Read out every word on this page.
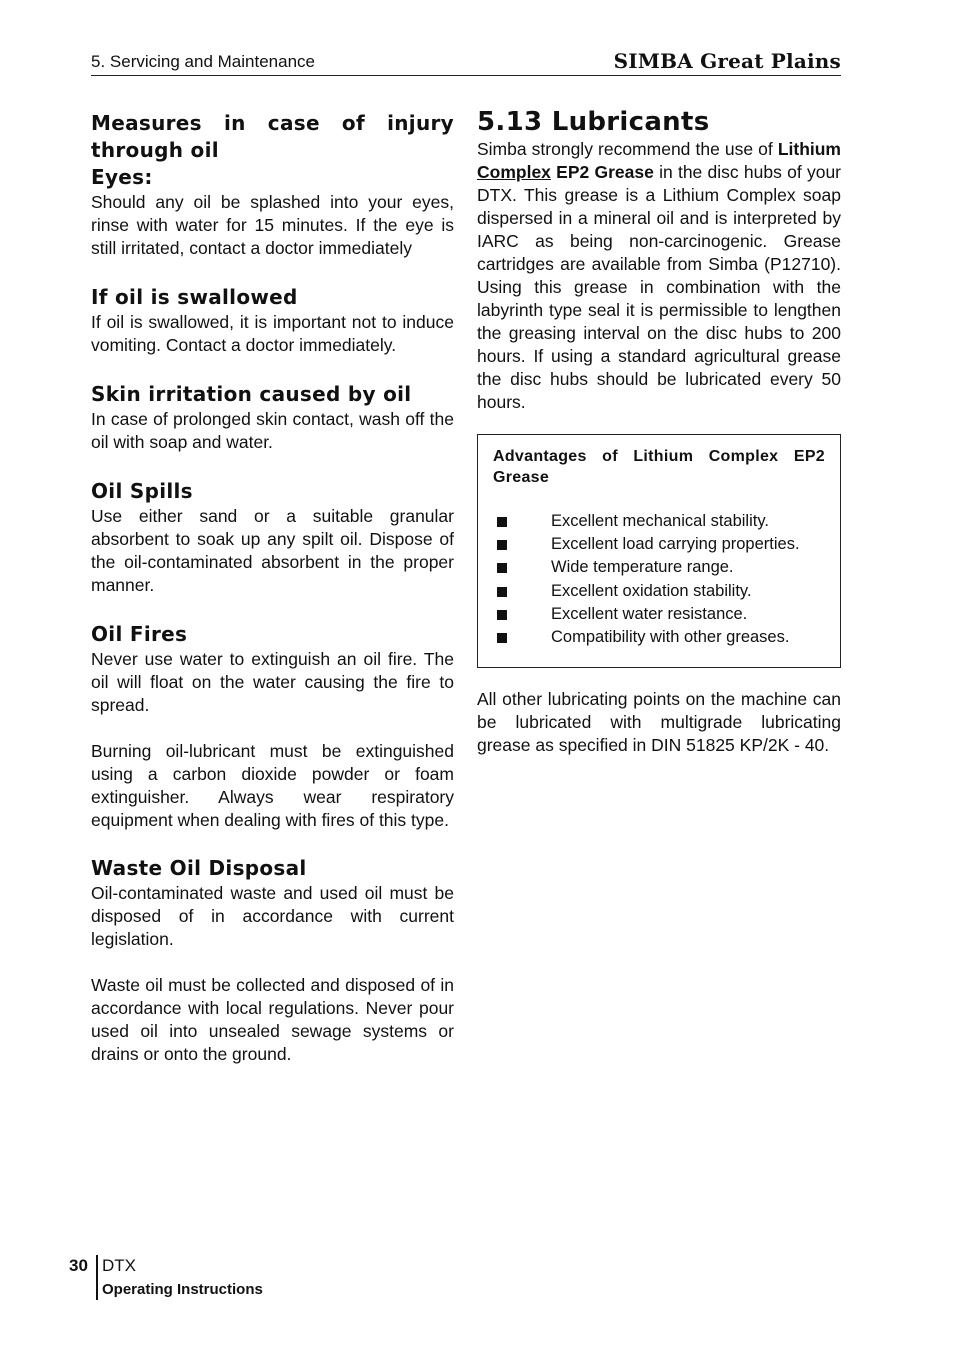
5. Servicing and Maintenance	SIMBA Great Plains
Measures in case of injury through oil
Eyes:

Should any oil be splashed into your eyes, rinse with water for 15 minutes. If the eye is still irritated, contact a doctor immediately

If oil is swallowed

If oil is swallowed, it is important not to induce vomiting. Contact a doctor immediately.

Skin irritation caused by oil

In case of prolonged skin contact, wash off the oil with soap and water.

Oil Spills

Use either sand or a suitable granular absorbent to soak up any spilt oil. Dispose of the oil-contaminated absorbent in the proper manner.

Oil Fires

Never use water to extinguish an oil fire. The oil will float on the water causing the fire to spread.

Burning oil-lubricant must be extinguished using a carbon dioxide powder or foam extinguisher. Always wear respiratory equipment when dealing with fires of this type.

Waste Oil Disposal

Oil-contaminated waste and used oil must be disposed of in accordance with current legislation.

Waste oil must be collected and disposed of in accordance with local regulations. Never pour used oil into unsealed sewage systems or drains or onto the ground.

5.13 Lubricants

Simba strongly recommend the use of Lithium Complex EP2 Grease in the disc hubs of your DTX. This grease is a Lithium Complex soap dispersed in a mineral oil and is interpreted by IARC as being non-carcinogenic. Grease cartridges are available from Simba (P12710). Using this grease in combination with the labyrinth type seal it is permissible to lengthen the greasing interval on the disc hubs to 200 hours. If using a standard agricultural grease the disc hubs should be lubricated every 50 hours.

Advantages of Lithium Complex EP2 Grease
Excellent mechanical stability.
Excellent load carrying properties.
Wide temperature range.
Excellent oxidation stability.
Excellent water resistance.
Compatibility with other greases.

All other lubricating points on the machine can be lubricated with multigrade lubricating grease as specified in DIN 51825 KP/2K - 40.

30 DTX
Operating Instructions
